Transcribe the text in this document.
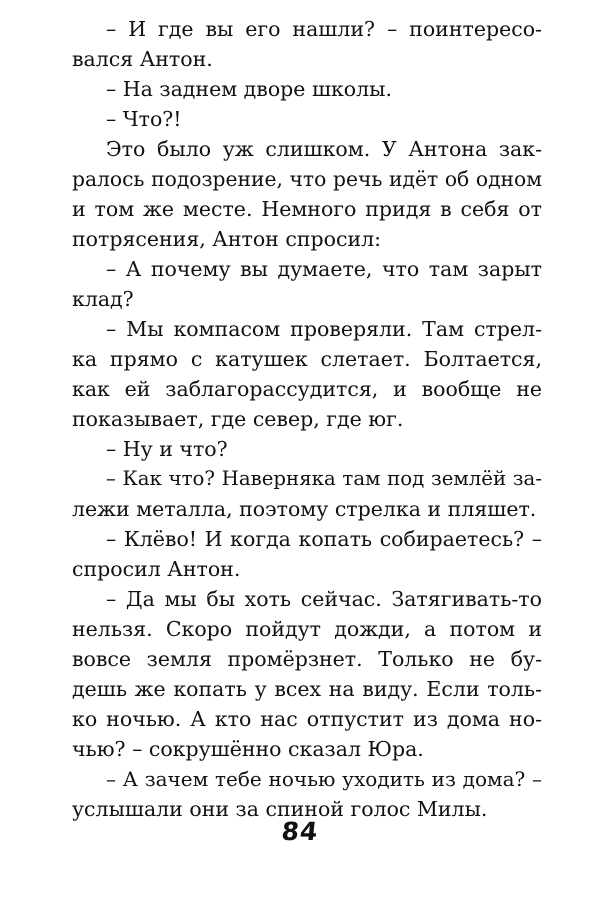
– И где вы его нашли? – поинтересо-
вался Антон.
– На заднем дворе школы.
– Что?!
Это было уж слишком. У Антона зак-
ралось подозрение, что речь идёт об одном
и том же месте. Немного придя в себя от
потрясения, Антон спросил:
– А почему вы думаете, что там зарыт
клад?
– Мы компасом проверяли. Там стрел-
ка прямо с катушек слетает. Болтается,
как ей заблагорассудится, и вообще не
показывает, где север, где юг.
– Ну и что?
– Как что? Наверняка там под землёй за-
лежи металла, поэтому стрелка и пляшет.
– Клёво! И когда копать собираетесь? –
спросил Антон.
– Да мы бы хоть сейчас. Затягивать-то
нельзя. Скоро пойдут дожди, а потом и
вовсе земля промёрзнет. Только не бу-
дешь же копать у всех на виду. Если толь-
ко ночью. А кто нас отпустит из дома но-
чью? – сокрушённо сказал Юра.
– А зачем тебе ночью уходить из дома? –
услышали они за спиной голос Милы.
84
